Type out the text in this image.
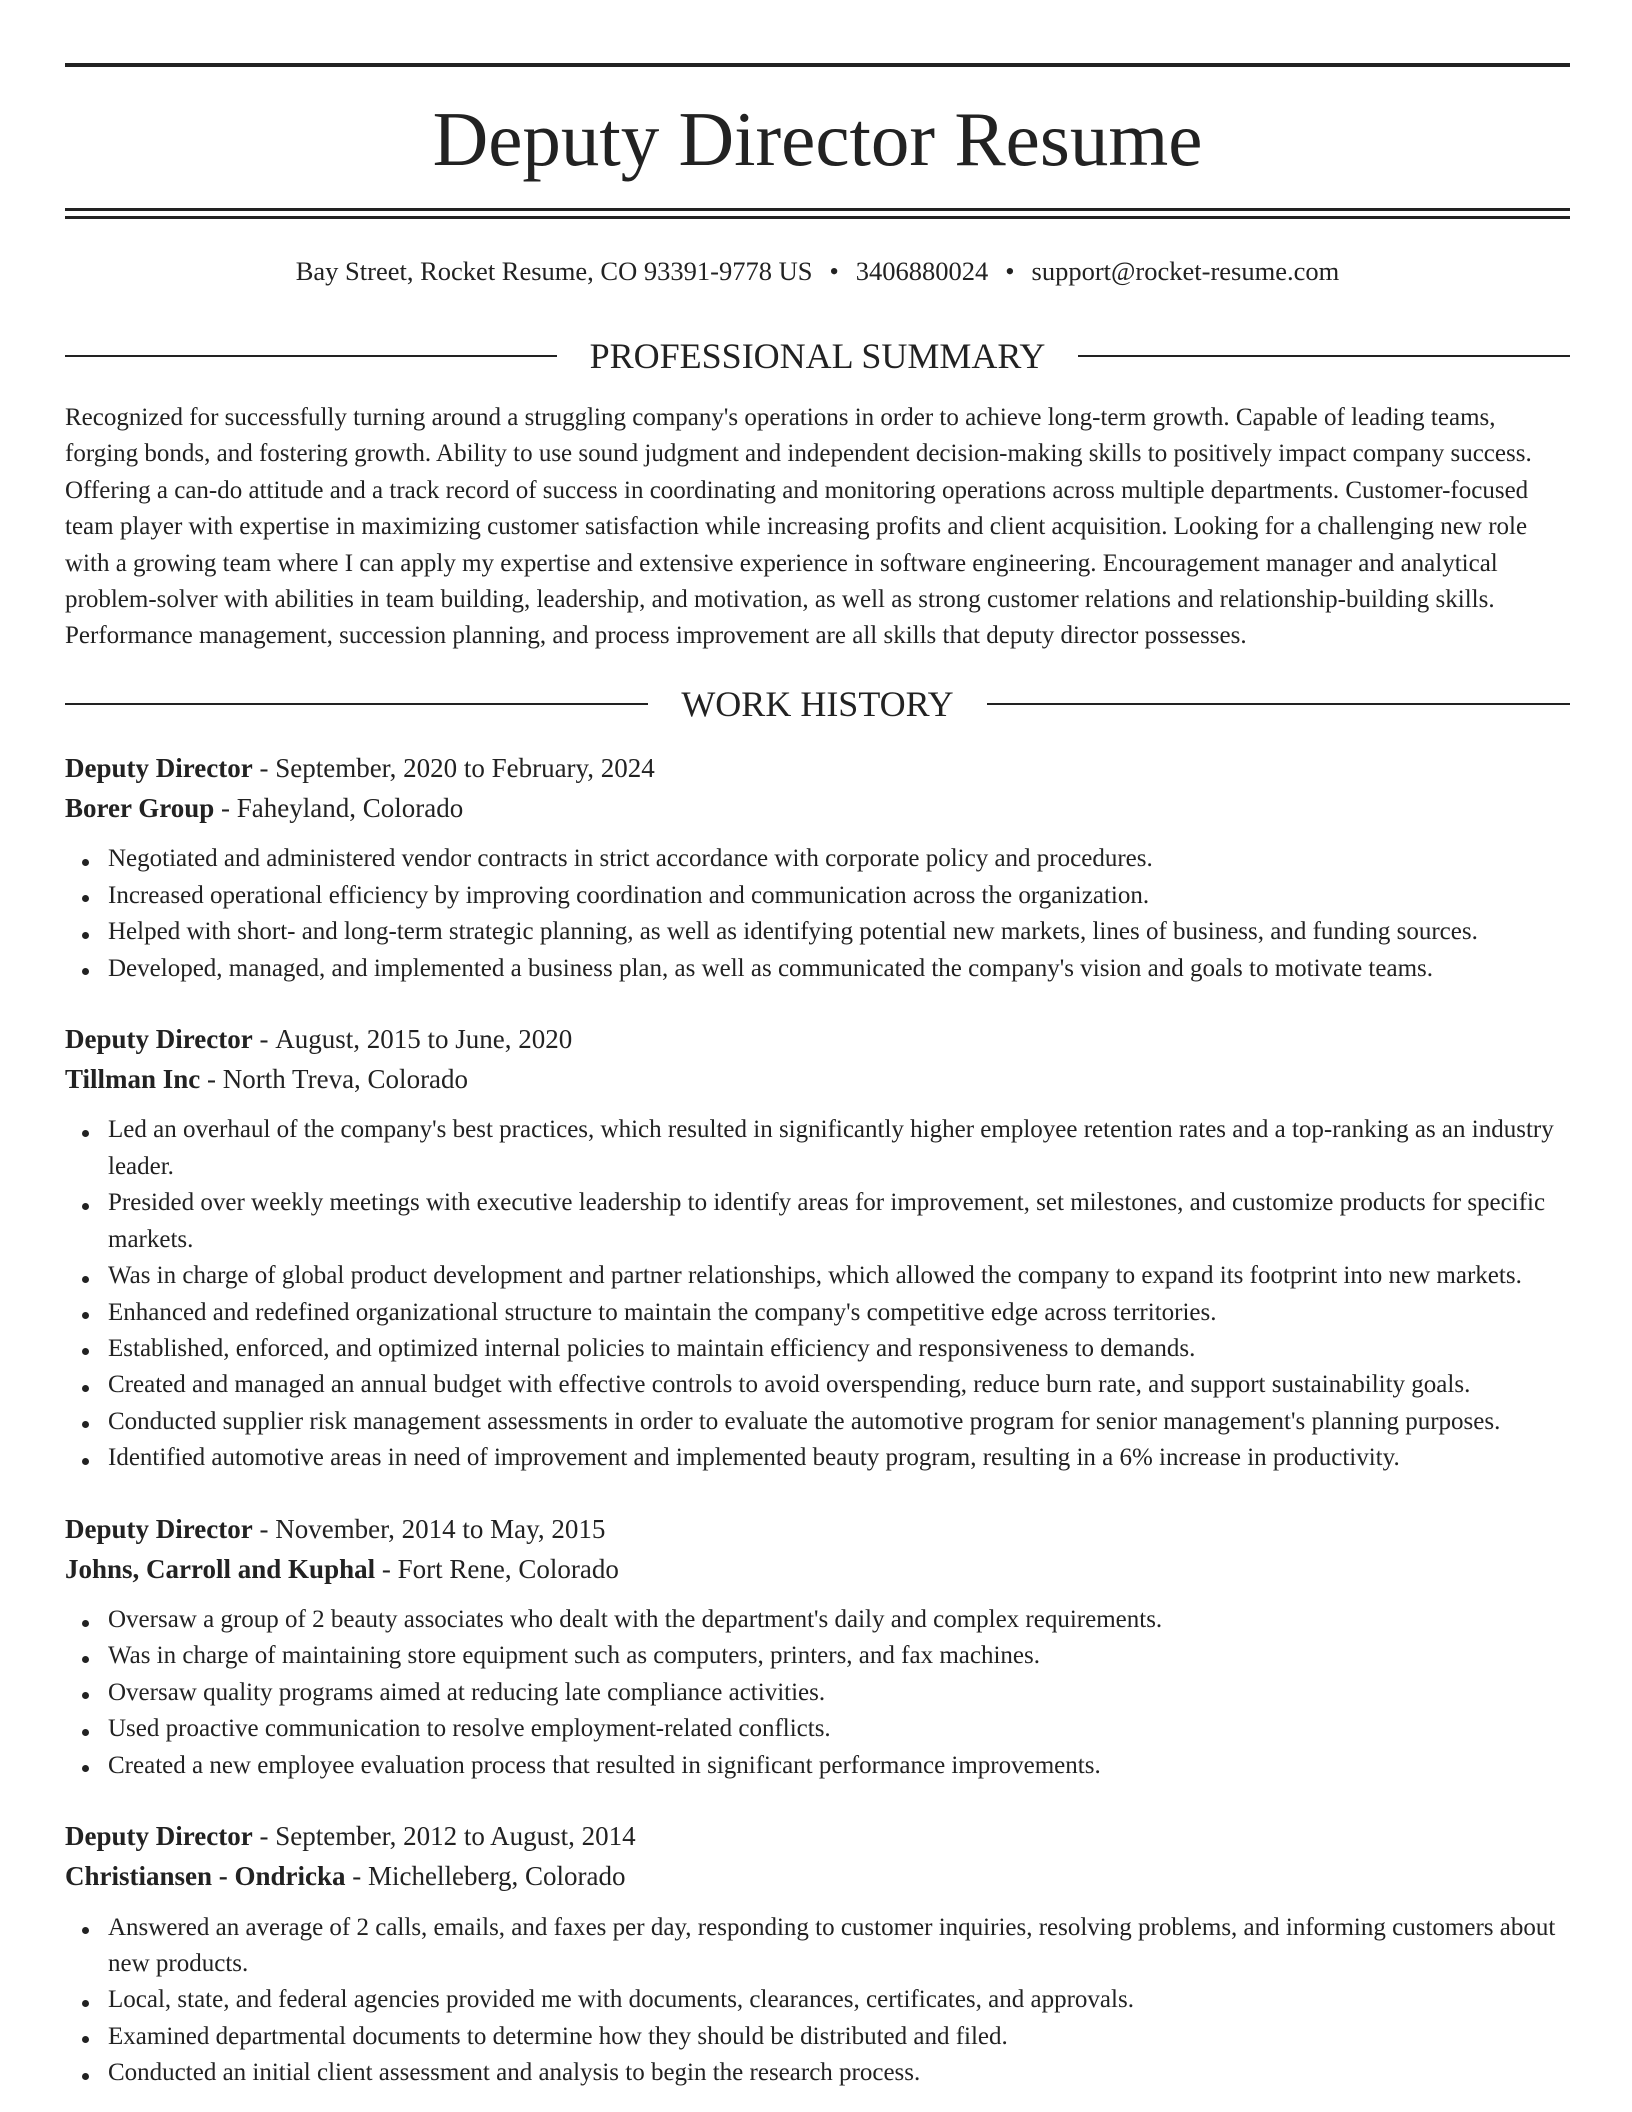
Deputy Director Resume
Bay Street, Rocket Resume, CO 93391-9778 US • 3406880024 • support@rocket-resume.com
PROFESSIONAL SUMMARY

Recognized for successfully turning around a struggling company's operations in order to achieve long-term growth. Capable of leading teams, forging bonds, and fostering growth. Ability to use sound judgment and independent decision-making skills to positively impact company success. Offering a can-do attitude and a track record of success in coordinating and monitoring operations across multiple departments. Customer-focused team player with expertise in maximizing customer satisfaction while increasing profits and client acquisition. Looking for a challenging new role with a growing team where I can apply my expertise and extensive experience in software engineering. Encouragement manager and analytical problem-solver with abilities in team building, leadership, and motivation, as well as strong customer relations and relationship-building skills. Performance management, succession planning, and process improvement are all skills that deputy director possesses.

WORK HISTORY
Deputy Director - September, 2020 to February, 2024
Borer Group - Faheyland, Colorado
Negotiated and administered vendor contracts in strict accordance with corporate policy and procedures.
Increased operational efficiency by improving coordination and communication across the organization.
Helped with short- and long-term strategic planning, as well as identifying potential new markets, lines of business, and funding sources.
Developed, managed, and implemented a business plan, as well as communicated the company's vision and goals to motivate teams.
Deputy Director - August, 2015 to June, 2020
Tillman Inc - North Treva, Colorado
Led an overhaul of the company's best practices, which resulted in significantly higher employee retention rates and a top-ranking as an industry leader.
Presided over weekly meetings with executive leadership to identify areas for improvement, set milestones, and customize products for specific markets.
Was in charge of global product development and partner relationships, which allowed the company to expand its footprint into new markets.
Enhanced and redefined organizational structure to maintain the company's competitive edge across territories.
Established, enforced, and optimized internal policies to maintain efficiency and responsiveness to demands.
Created and managed an annual budget with effective controls to avoid overspending, reduce burn rate, and support sustainability goals.
Conducted supplier risk management assessments in order to evaluate the automotive program for senior management's planning purposes.
Identified automotive areas in need of improvement and implemented beauty program, resulting in a 6% increase in productivity.
Deputy Director - November, 2014 to May, 2015
Johns, Carroll and Kuphal - Fort Rene, Colorado
Oversaw a group of 2 beauty associates who dealt with the department's daily and complex requirements.
Was in charge of maintaining store equipment such as computers, printers, and fax machines.
Oversaw quality programs aimed at reducing late compliance activities.
Used proactive communication to resolve employment-related conflicts.
Created a new employee evaluation process that resulted in significant performance improvements.
Deputy Director - September, 2012 to August, 2014
Christiansen - Ondricka - Michelleberg, Colorado
Answered an average of 2 calls, emails, and faxes per day, responding to customer inquiries, resolving problems, and informing customers about new products.
Local, state, and federal agencies provided me with documents, clearances, certificates, and approvals.
Examined departmental documents to determine how they should be distributed and filed.
Conducted an initial client assessment and analysis to begin the research process.
